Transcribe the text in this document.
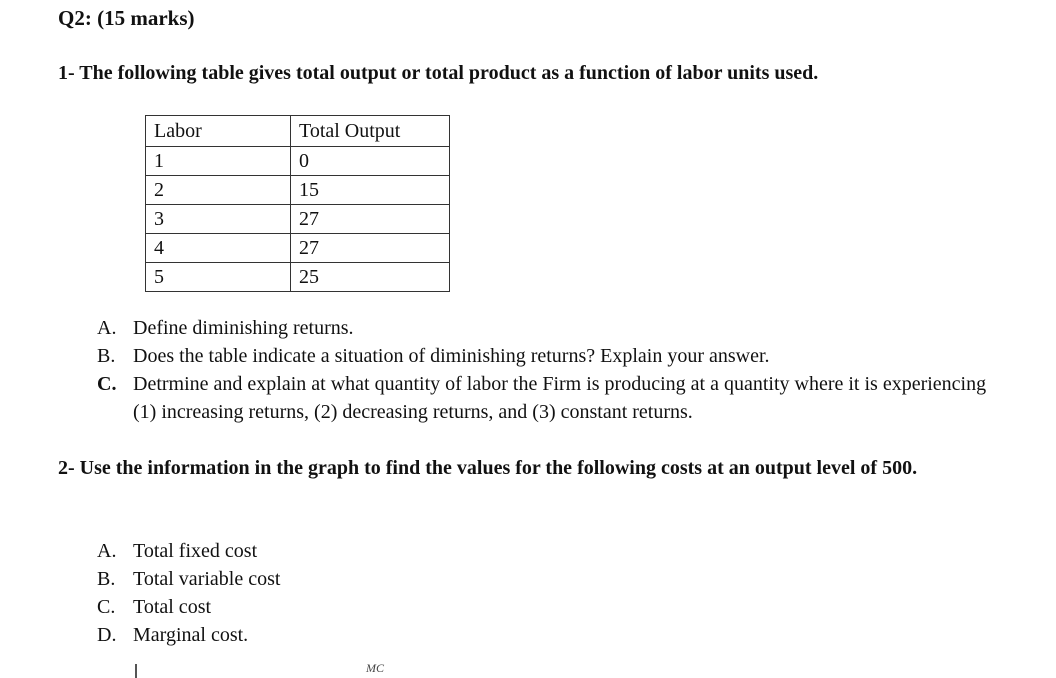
Q2: (15 marks)
1- The following table gives total output or total product as a function of labor units used.
Labor	Total Output
1	0
2	15
3	27
4	27
5	25
A. Define diminishing returns.
B. Does the table indicate a situation of diminishing returns? Explain your answer.
C. Detrmine and explain at what quantity of labor the Firm is producing at a quantity where it is experiencing (1) increasing returns, (2) decreasing returns, and (3) constant returns.
2- Use the information in the graph to find the values for the following costs at an output level of 500.
A. Total fixed cost
B. Total variable cost
C. Total cost
D. Marginal cost.
MC
